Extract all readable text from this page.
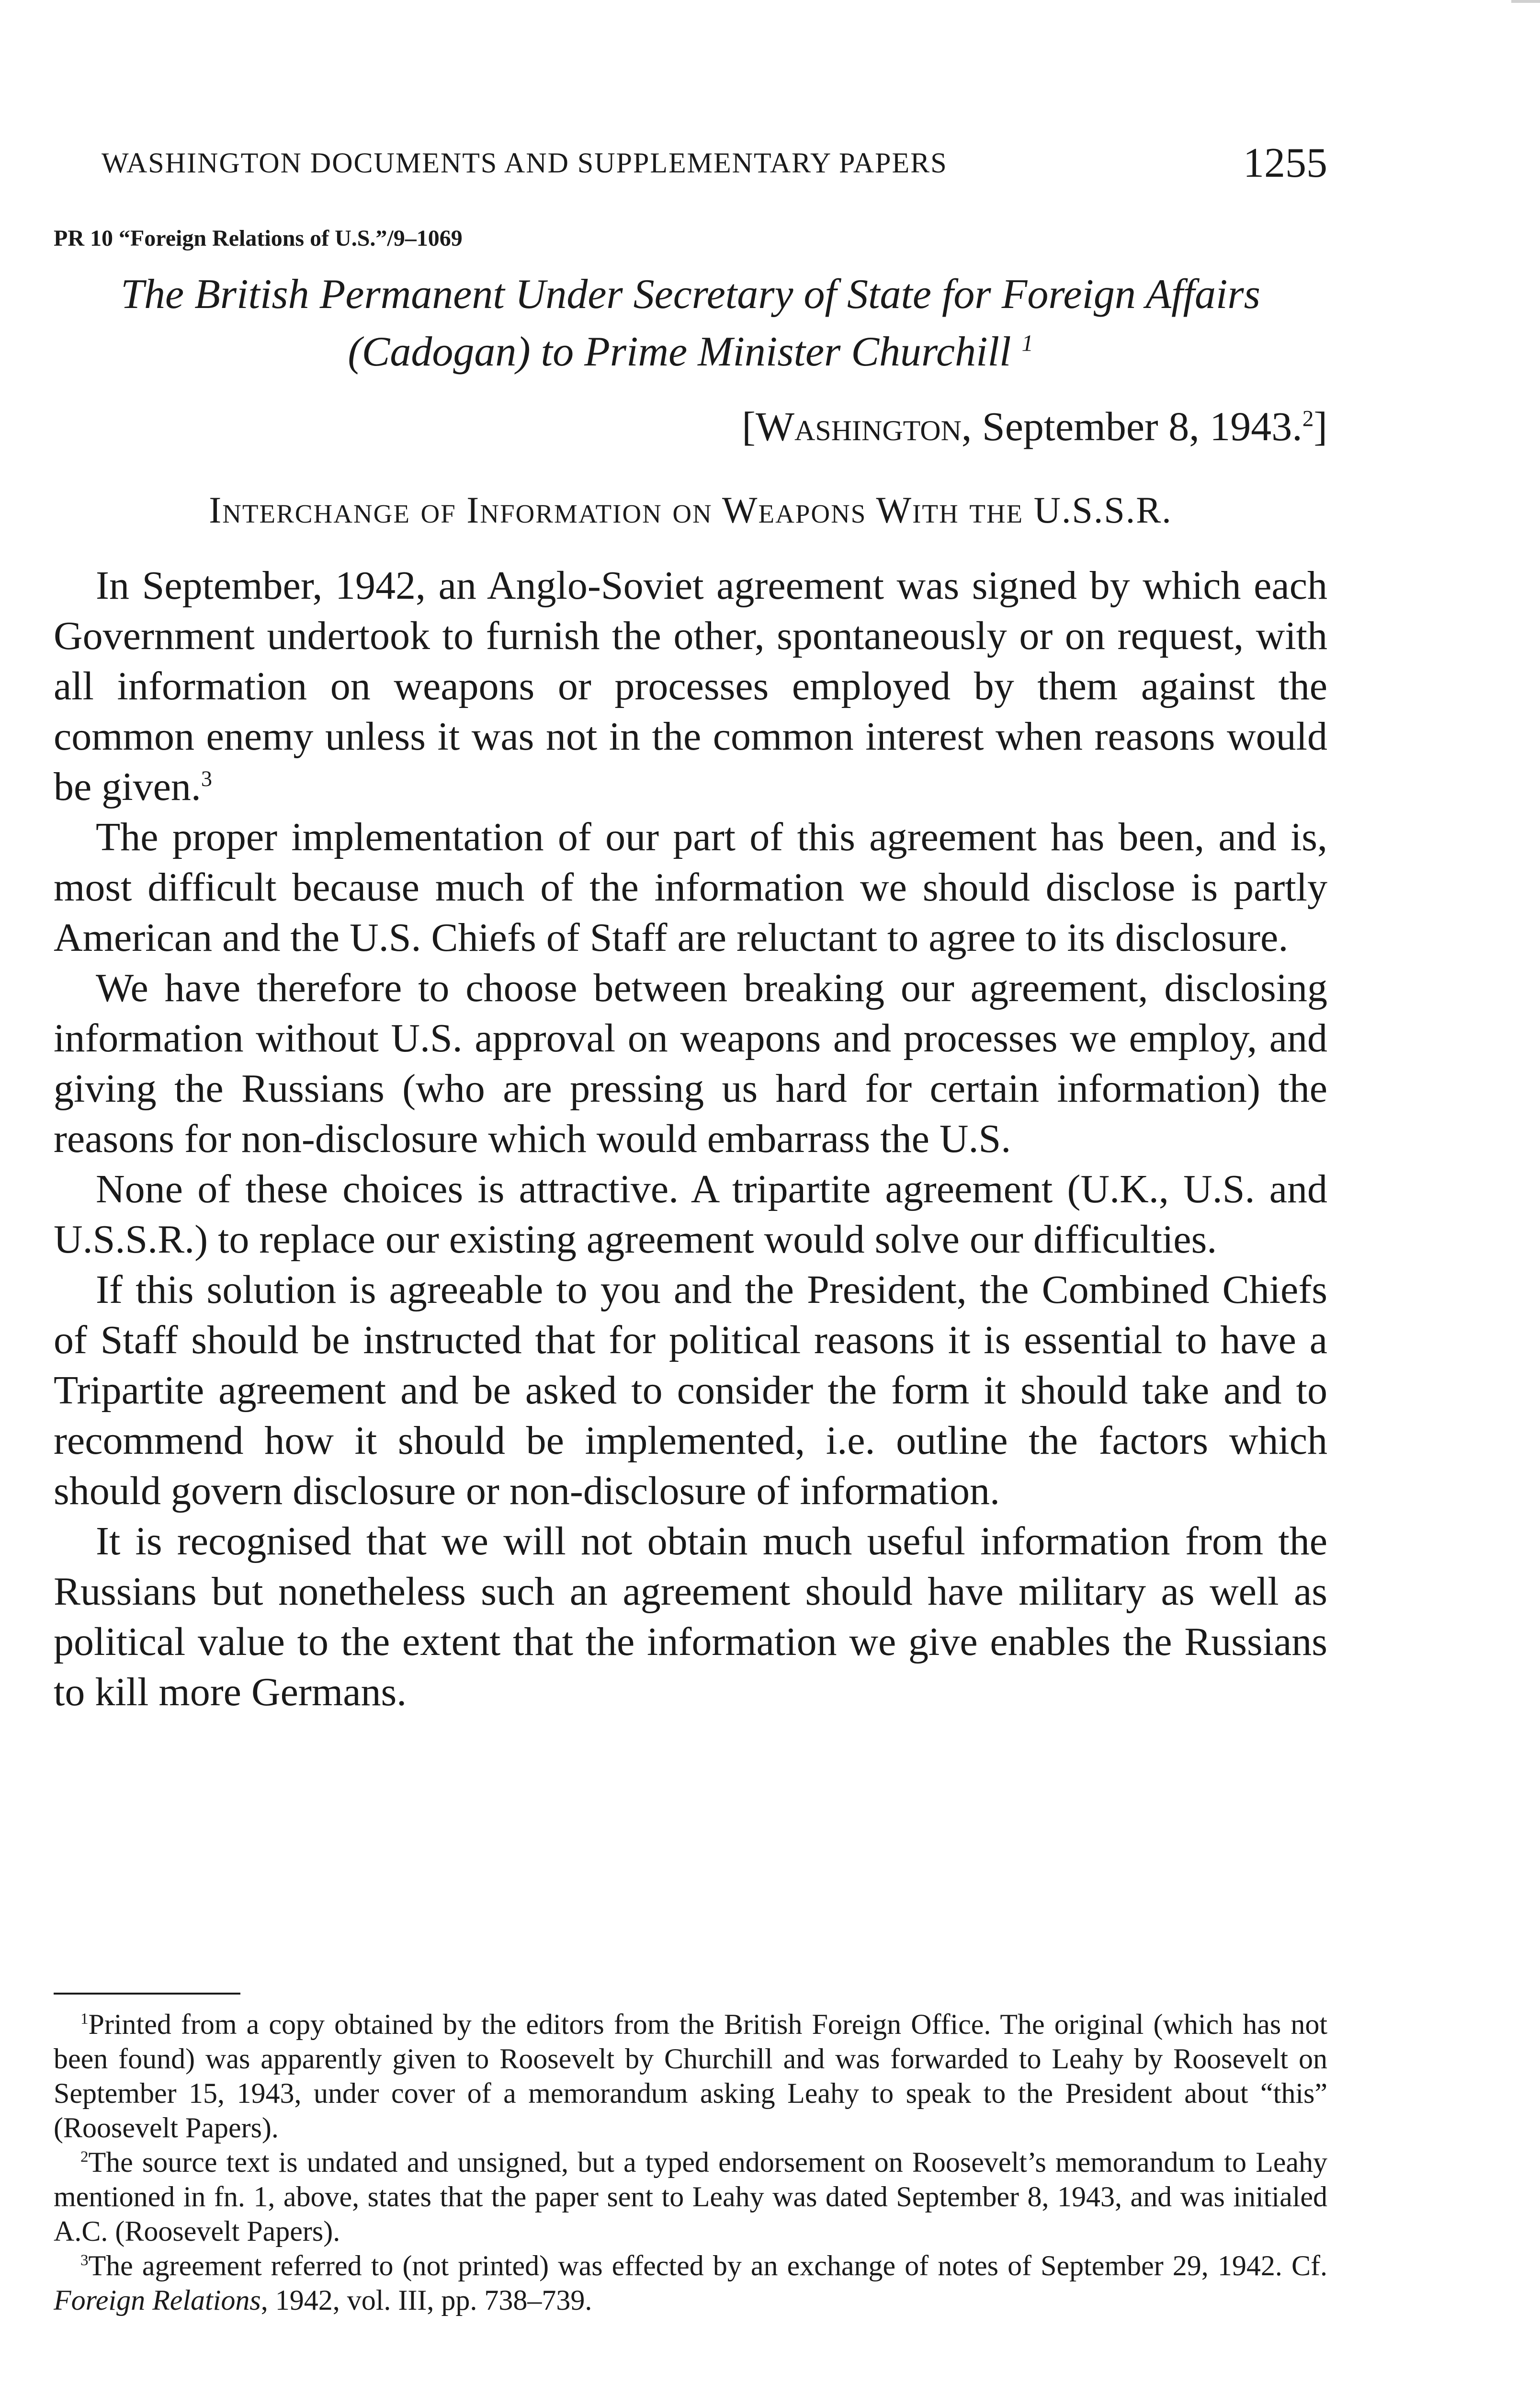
WASHINGTON DOCUMENTS AND SUPPLEMENTARY PAPERS	1255
PR 10 “Foreign Relations of U.S.”/9–1069
The British Permanent Under Secretary of State for Foreign Affairs
(Cadogan) to Prime Minister Churchill $^1$
[Washington, September 8, 1943.$^2$]
Interchange of Information on Weapons With the U.S.S.R.

In September, 1942, an Anglo-Soviet agreement was signed by which each Government undertook to furnish the other, spontaneously or on request, with all information on weapons or processes employed by them against the common enemy unless it was not in the common interest when reasons would be given.$^3$

The proper implementation of our part of this agreement has been, and is, most difficult because much of the information we should disclose is partly American and the U.S. Chiefs of Staff are reluctant to agree to its disclosure.

We have therefore to choose between breaking our agreement, disclosing information without U.S. approval on weapons and processes we employ, and giving the Russians (who are pressing us hard for certain information) the reasons for non-disclosure which would embarrass the U.S.

None of these choices is attractive. A tripartite agreement (U.K., U.S. and U.S.S.R.) to replace our existing agreement would solve our difficulties.

If this solution is agreeable to you and the President, the Combined Chiefs of Staff should be instructed that for political reasons it is essential to have a Tripartite agreement and be asked to consider the form it should take and to recommend how it should be implemented, i.e. outline the factors which should govern disclosure or non-disclosure of information.

It is recognised that we will not obtain much useful information from the Russians but nonetheless such an agreement should have military as well as political value to the extent that the information we give enables the Russians to kill more Germans.

$^1$Printed from a copy obtained by the editors from the British Foreign Office. The original (which has not been found) was apparently given to Roosevelt by Churchill and was forwarded to Leahy by Roosevelt on September 15, 1943, under cover of a memorandum asking Leahy to speak to the President about “this” (Roosevelt Papers).

$^2$The source text is undated and unsigned, but a typed endorsement on Roosevelt’s memorandum to Leahy mentioned in fn. 1, above, states that the paper sent to Leahy was dated September 8, 1943, and was initialed A.C. (Roosevelt Papers).

$^3$The agreement referred to (not printed) was effected by an exchange of notes of September 29, 1942. Cf. Foreign Relations, 1942, vol. III, pp. 738–739.
